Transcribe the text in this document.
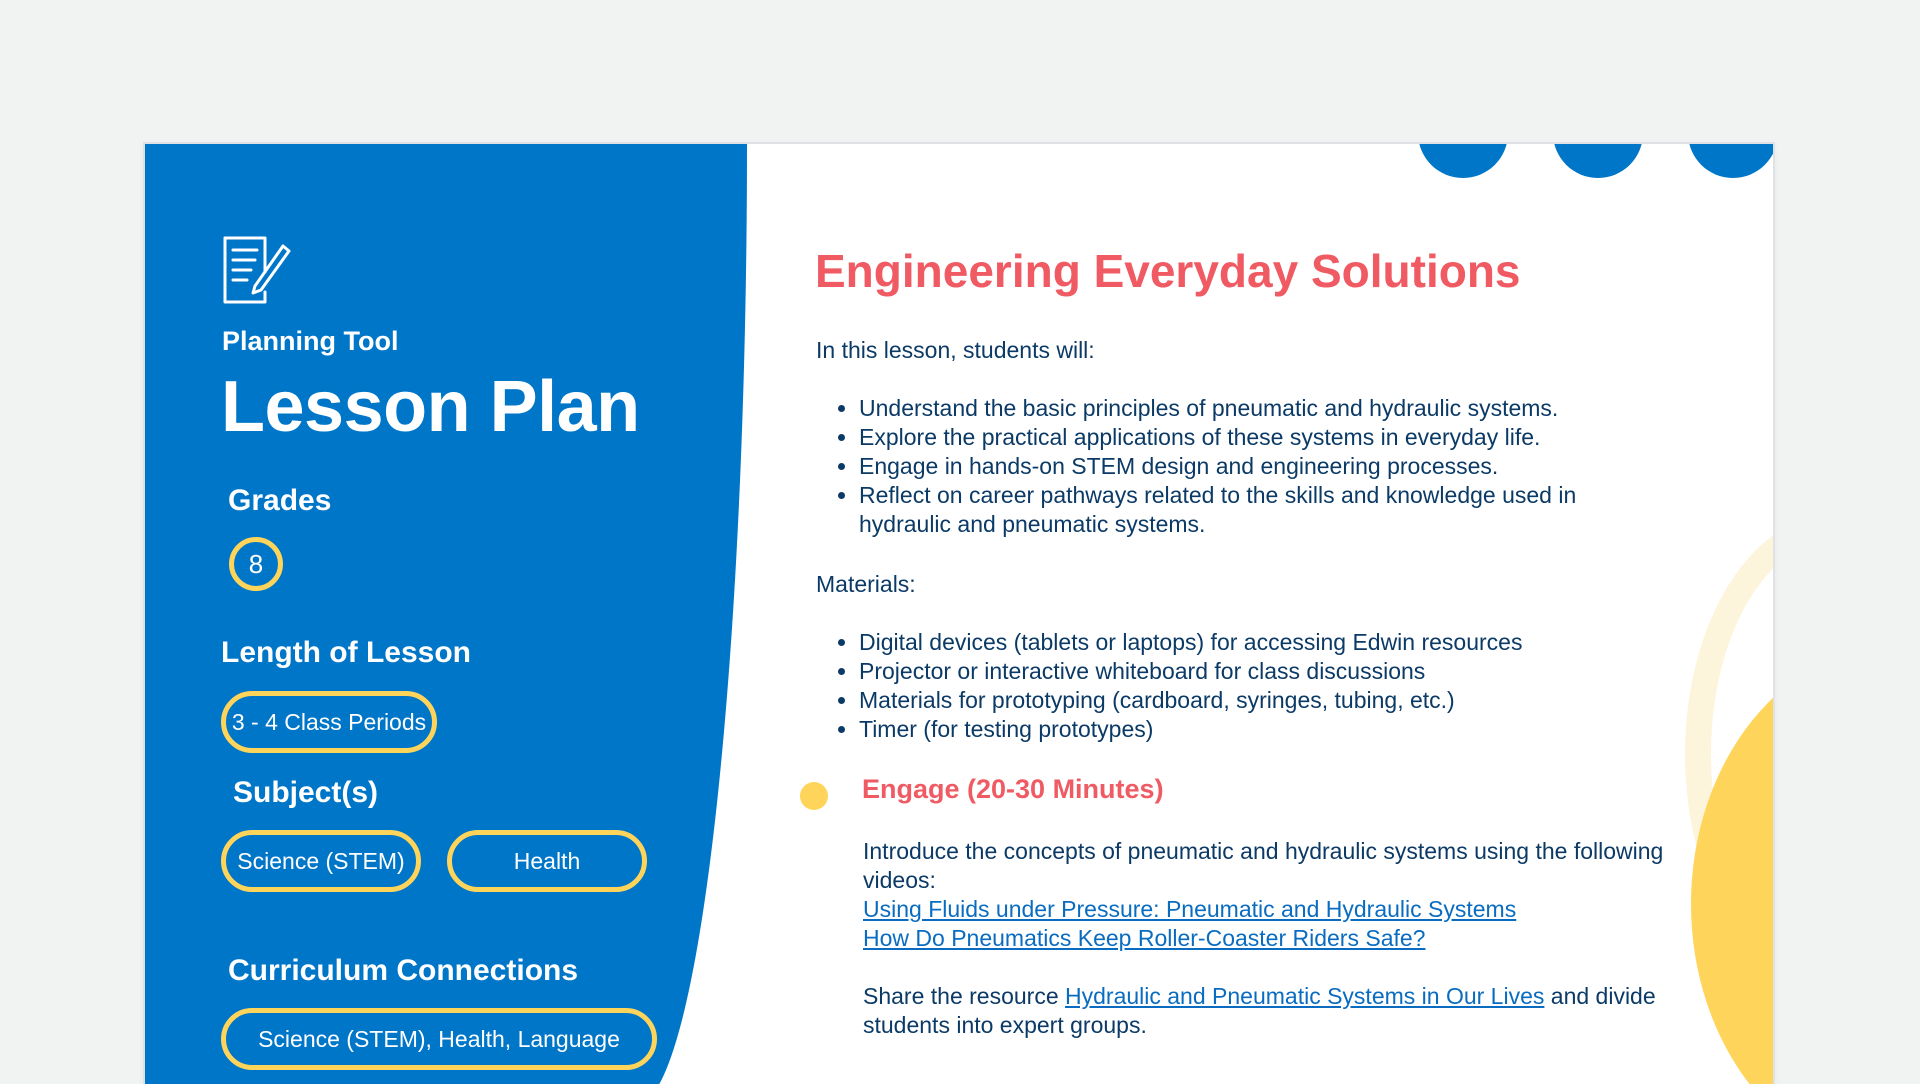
Planning Tool
Lesson Plan
Grades
8
Length of Lesson
3 - 4 Class Periods
Subject(s)
Science (STEM)	Health
Curriculum Connections
Science (STEM), Health, Language
Engineering Everyday Solutions
In this lesson, students will:
• Understand the basic principles of pneumatic and hydraulic systems.
• Explore the practical applications of these systems in everyday life.
• Engage in hands-on STEM design and engineering processes.
• Reflect on career pathways related to the skills and knowledge used in hydraulic and pneumatic systems.
Materials:
• Digital devices (tablets or laptops) for accessing Edwin resources
• Projector or interactive whiteboard for class discussions
• Materials for prototyping (cardboard, syringes, tubing, etc.)
• Timer (for testing prototypes)
Engage (20-30 Minutes)
Introduce the concepts of pneumatic and hydraulic systems using the following videos:
Using Fluids under Pressure: Pneumatic and Hydraulic Systems
How Do Pneumatics Keep Roller-Coaster Riders Safe?
Share the resource Hydraulic and Pneumatic Systems in Our Lives and divide students into expert groups.
